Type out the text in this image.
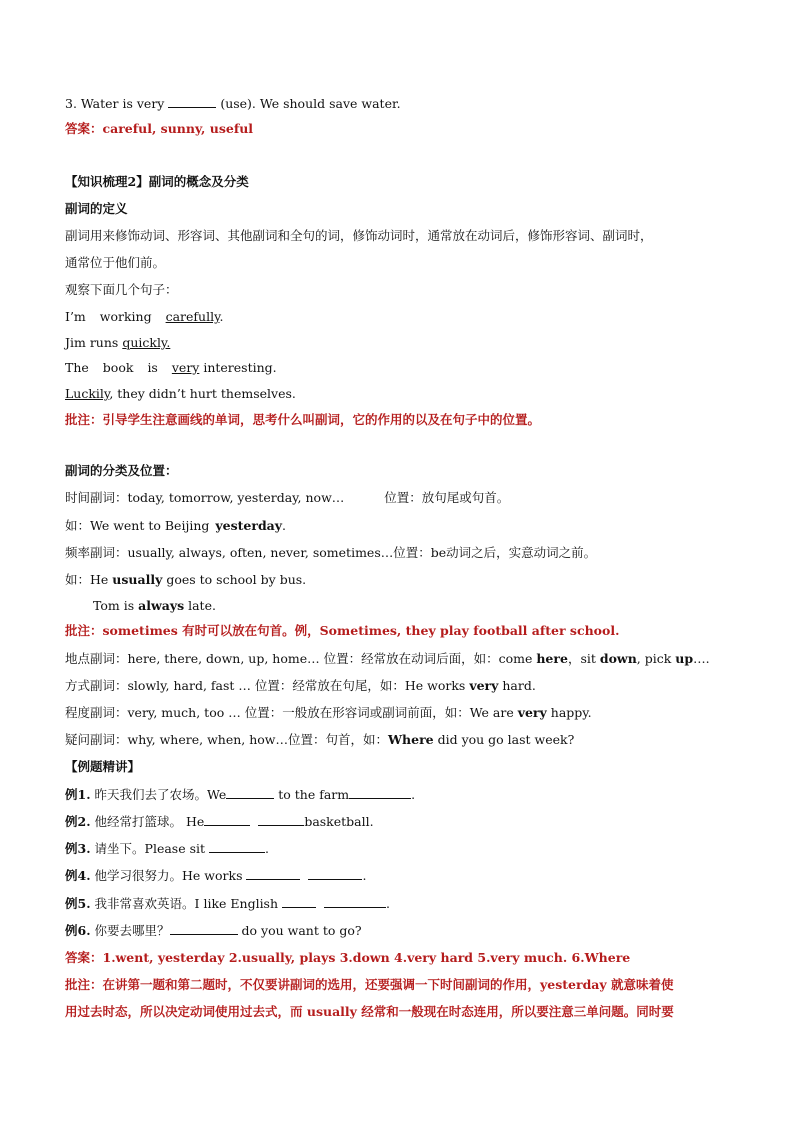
3. Water is very	(use). We should save water.
答案：careful, sunny, useful
【知识梳理2】副词的概念及分类
副词的定义
副词用来修饰动词、形容词、其他副词和全句的词，修饰动词时，通常放在动词后，修饰形容词、副词时，
通常位于他们前。
观察下面几个句子：
I’m working carefully.
Jim runs quickly.
The book is very interesting.
Luckily, they didn’t hurt themselves.
批注：引导学生注意画线的单词，思考什么叫副词，它的作用的以及在句子中的位置。
副词的分类及位置：
时间副词：today, tomorrow, yesterday, now…	位置：放句尾或句首。
如：We went to Beijing yesterday.
频率副词：usually, always, often, never, sometimes…位置：be动词之后，实意动词之前。
如：He usually goes to school by bus.
Tom is always late.
批注：sometimes 有时可以放在句首。例，Sometimes, they play football after school.
地点副词：here, there, down, up, home… 位置：经常放在动词后面，如：come here，sit down, pick up….
方式副词：slowly, hard, fast … 位置：经常放在句尾，如：He works very hard.
程度副词：very, much, too … 位置：一般放在形容词或副词前面，如：We are very happy.
疑问副词：why, where, when, how…位置：句首，如：Where did you go last week?
【例题精讲】
例1. 昨天我们去了农场。We	to the farm	.
例2. 他经常打篮球。 He	basketball.
例3. 请坐下。Please sit	.
例4. 他学习很努力。He works	.
例5. 我非常喜欢英语。I like English	.
例6. 你要去哪里？	do you want to go?
答案：1.went, yesterday 2.usually, plays 3.down 4.very hard 5.very much. 6.Where
批注：在讲第一题和第二题时，不仅要讲副词的选用，还要强调一下时间副词的作用，yesterday 就意味着使
用过去时态，所以决定动词使用过去式，而 usually 经常和一般现在时态连用，所以要注意三单问题。同时要
